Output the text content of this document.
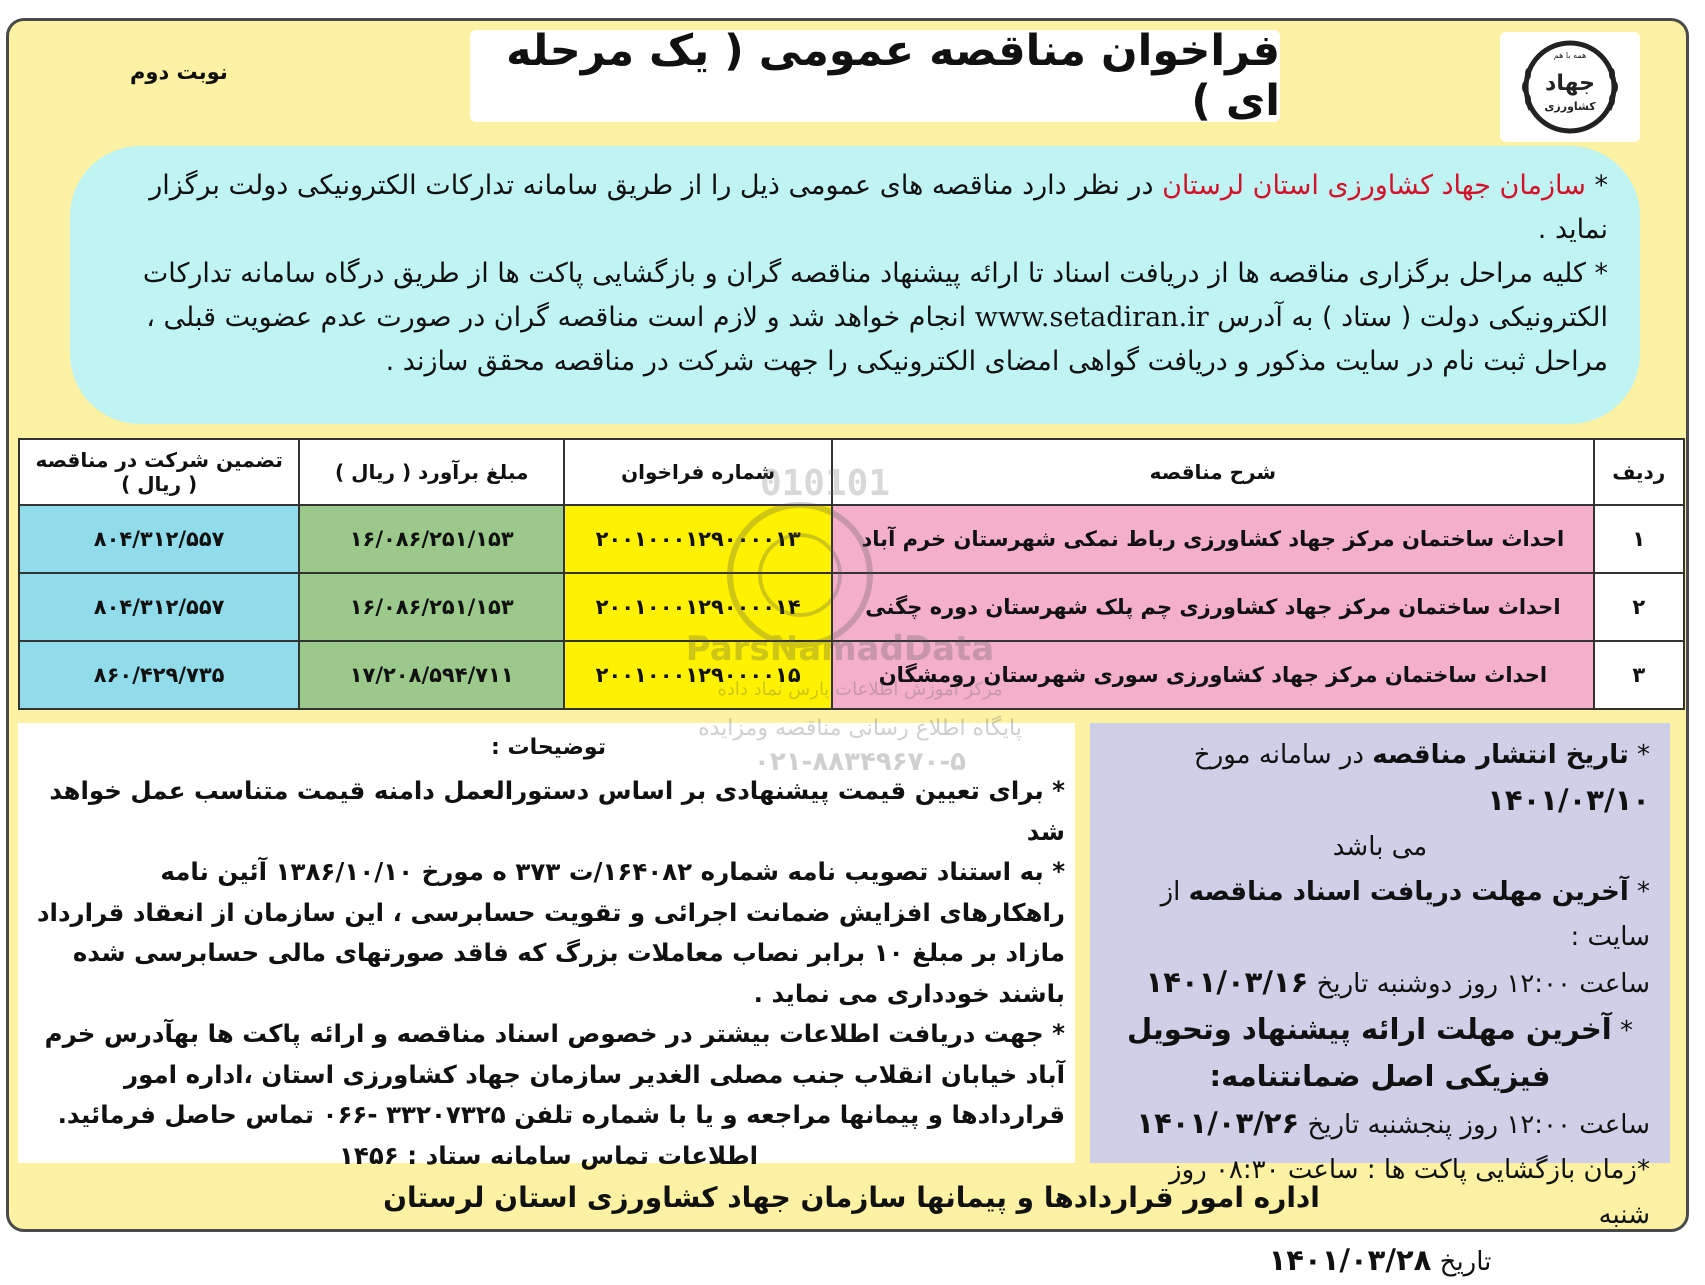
همه با هم
جهاد
کشاورزی
فراخوان مناقصه عمومی ( یک مرحله ای )
نوبت دوم

* سازمان جهاد کشاورزی استان لرستان در نظر دارد مناقصه های عمومی ذیل را از طریق سامانه تدارکات الکترونیکی دولت برگزار نماید .

* کلیه مراحل برگزاری مناقصه ها از دریافت اسناد تا ارائه پیشنهاد مناقصه گران و بازگشایی پاکت ها از طریق درگاه سامانه تدارکات الکترونیکی دولت ( ستاد ) به آدرس www.setadiran.ir انجام خواهد شد و لازم است مناقصه گران در صورت عدم عضویت قبلی ، مراحل ثبت نام در سایت مذکور و دریافت گواهی امضای الکترونیکی را جهت شرکت در مناقصه محقق سازند .

ردیف	شرح مناقصه	شماره فراخوان	مبلغ برآورد ( ریال )	تضمین شرکت در مناقصه ( ریال )
۱	احداث ساختمان مرکز جهاد کشاورزی رباط نمکی شهرستان خرم آباد	۲۰۰۱۰۰۰۱۲۹۰۰۰۰۱۳	۱۶/۰۸۶/۲۵۱/۱۵۳	۸۰۴/۳۱۲/۵۵۷
۲	احداث ساختمان مرکز جهاد کشاورزی چم پلک شهرستان دوره چگنی	۲۰۰۱۰۰۰۱۲۹۰۰۰۰۱۴	۱۶/۰۸۶/۲۵۱/۱۵۳	۸۰۴/۳۱۲/۵۵۷
۳	احداث ساختمان مرکز جهاد کشاورزی سوری شهرستان رومشگان	۲۰۰۱۰۰۰۱۲۹۰۰۰۰۱۵	۱۷/۲۰۸/۵۹۴/۷۱۱	۸۶۰/۴۲۹/۷۳۵
توضیحات :

* برای تعیین قیمت پیشنهادی بر اساس دستورالعمل دامنه قیمت متناسب عمل خواهد شد

* به استناد تصویب نامه شماره ۱۶۴۰۸۲/ت ۳۷۳ ه مورخ ۱۳۸۶/۱۰/۱۰ آئین نامه راهکارهای افزایش ضمانت اجرائی و تقویت حسابرسی ، این سازمان از انعقاد قرارداد مازاد بر مبلغ ۱۰ برابر نصاب معاملات بزرگ که فاقد صورتهای مالی حسابرسی شده باشند خودداری می نماید .

* جهت دریافت اطلاعات بیشتر در خصوص اسناد مناقصه و ارائه پاکت ها بهآدرس خرم آباد خیابان انقلاب جنب مصلی الغدیر سازمان جهاد کشاورزی استان ،اداره امور قراردادها و پیمانها مراجعه و یا با شماره تلفن ۳۳۲۰۷۳۲۵ -۰۶۶ تماس حاصل فرمائید.

اطلاعات تماس سامانه ستاد : ۱۴۵۶

* تاریخ انتشار مناقصه در سامانه مورخ ۱۴۰۱/۰۳/۱۰

می باشد

* آخرین مهلت دریافت اسناد مناقصه از سایت :

ساعت ۱۲:۰۰ روز دوشنبه تاریخ ۱۴۰۱/۰۳/۱۶

* آخرین مهلت ارائه پیشنهاد وتحویل فیزیکی اصل ضمانتنامه:

ساعت ۱۲:۰۰ روز پنجشنبه تاریخ ۱۴۰۱/۰۳/۲۶

*زمان بازگشایی پاکت ها : ساعت ۰۸:۳۰ روز شنبه

تاریخ ۱۴۰۱/۰۳/۲۸

010101
ParsNamadData
مرکز آموزش اطلاعات پارس نماد داده
پایگاه اطلاع رسانی مناقصه ومزایده
۰۲۱-۸۸۳۴۹۶۷۰-۵
اداره امور قراردادها و پیمانها سازمان جهاد کشاورزی استان لرستان
